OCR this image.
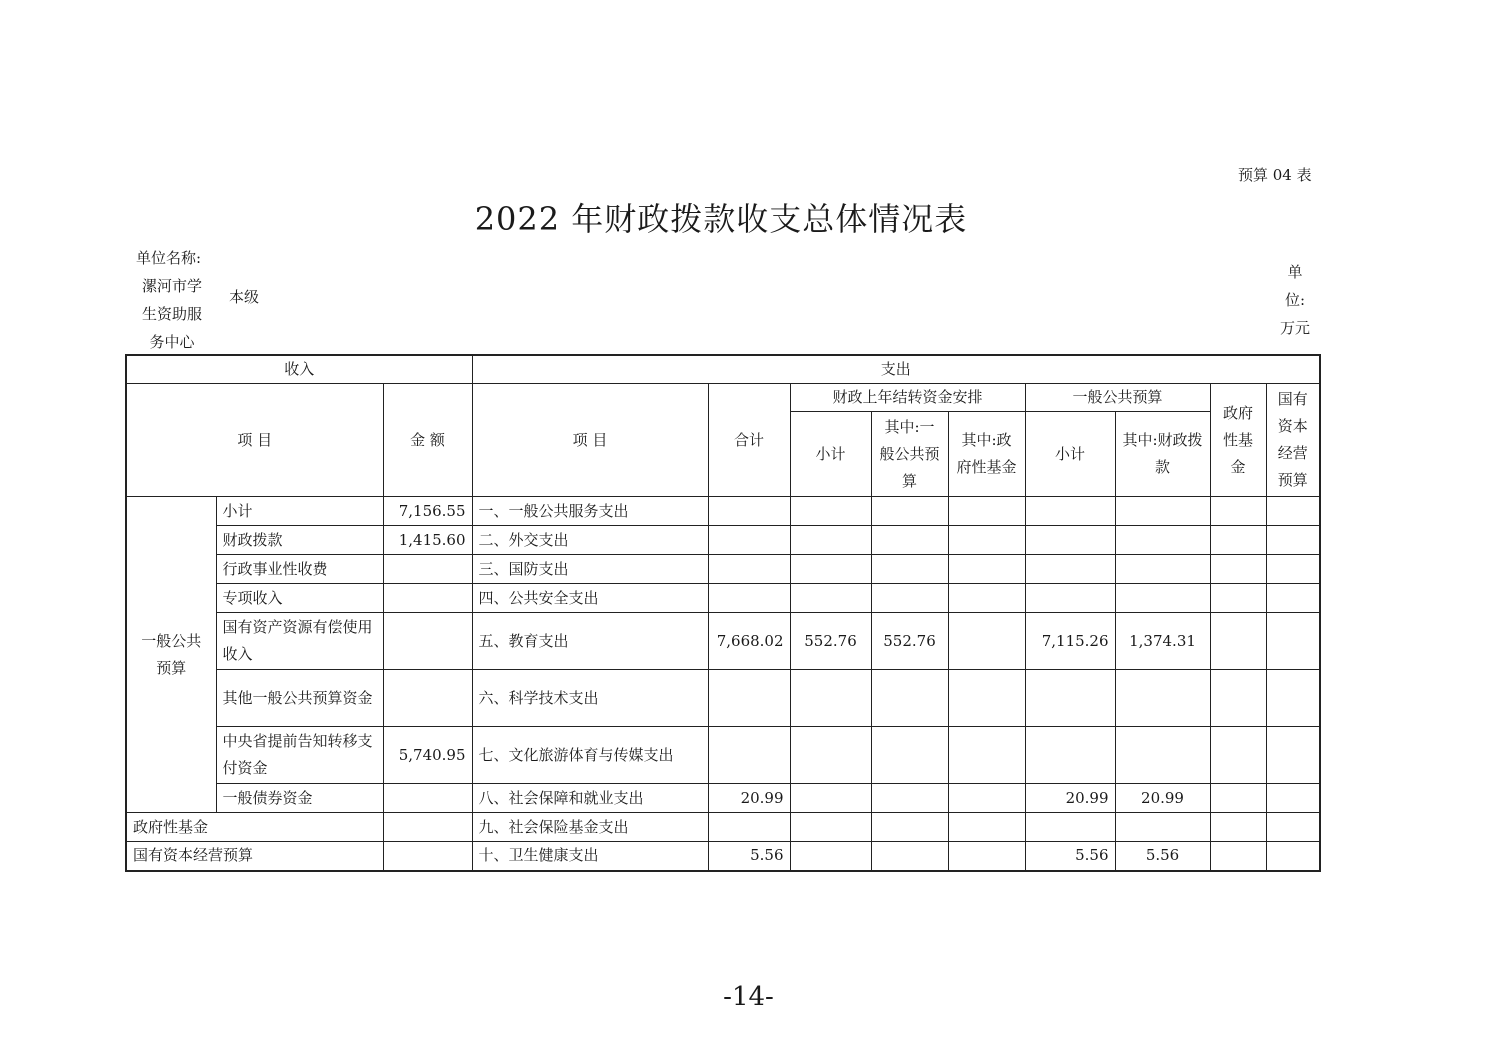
预算 04 表
2022 年财政拨款收支总体情况表
单位名称:
漯河市学
生资助服
务中心
本级
单
位:
万元
收入			支出								
项 目		金 额	项 目	合计	财政上年结转资金安排			一般公共预算		政府性基金	国有资本经营预算
					小计	其中:一般公共预算	其中:政府性基金	小计	其中:财政拨款		
一般公共预算	小计	7,156.55	一、一般公共服务支出								
	财政拨款	1,415.60	二、外交支出								
	行政事业性收费		三、国防支出								
	专项收入		四、公共安全支出								
	国有资产资源有偿使用收入		五、教育支出	7,668.02	552.76	552.76		7,115.26	1,374.31		
	其他一般公共预算资金		六、科学技术支出								
	中央省提前告知转移支付资金	5,740.95	七、文化旅游体育与传媒支出								
	一般债券资金		八、社会保障和就业支出	20.99				20.99	20.99		
政府性基金			九、社会保险基金支出								
国有资本经营预算			十、卫生健康支出	5.56				5.56	5.56		
-14-
